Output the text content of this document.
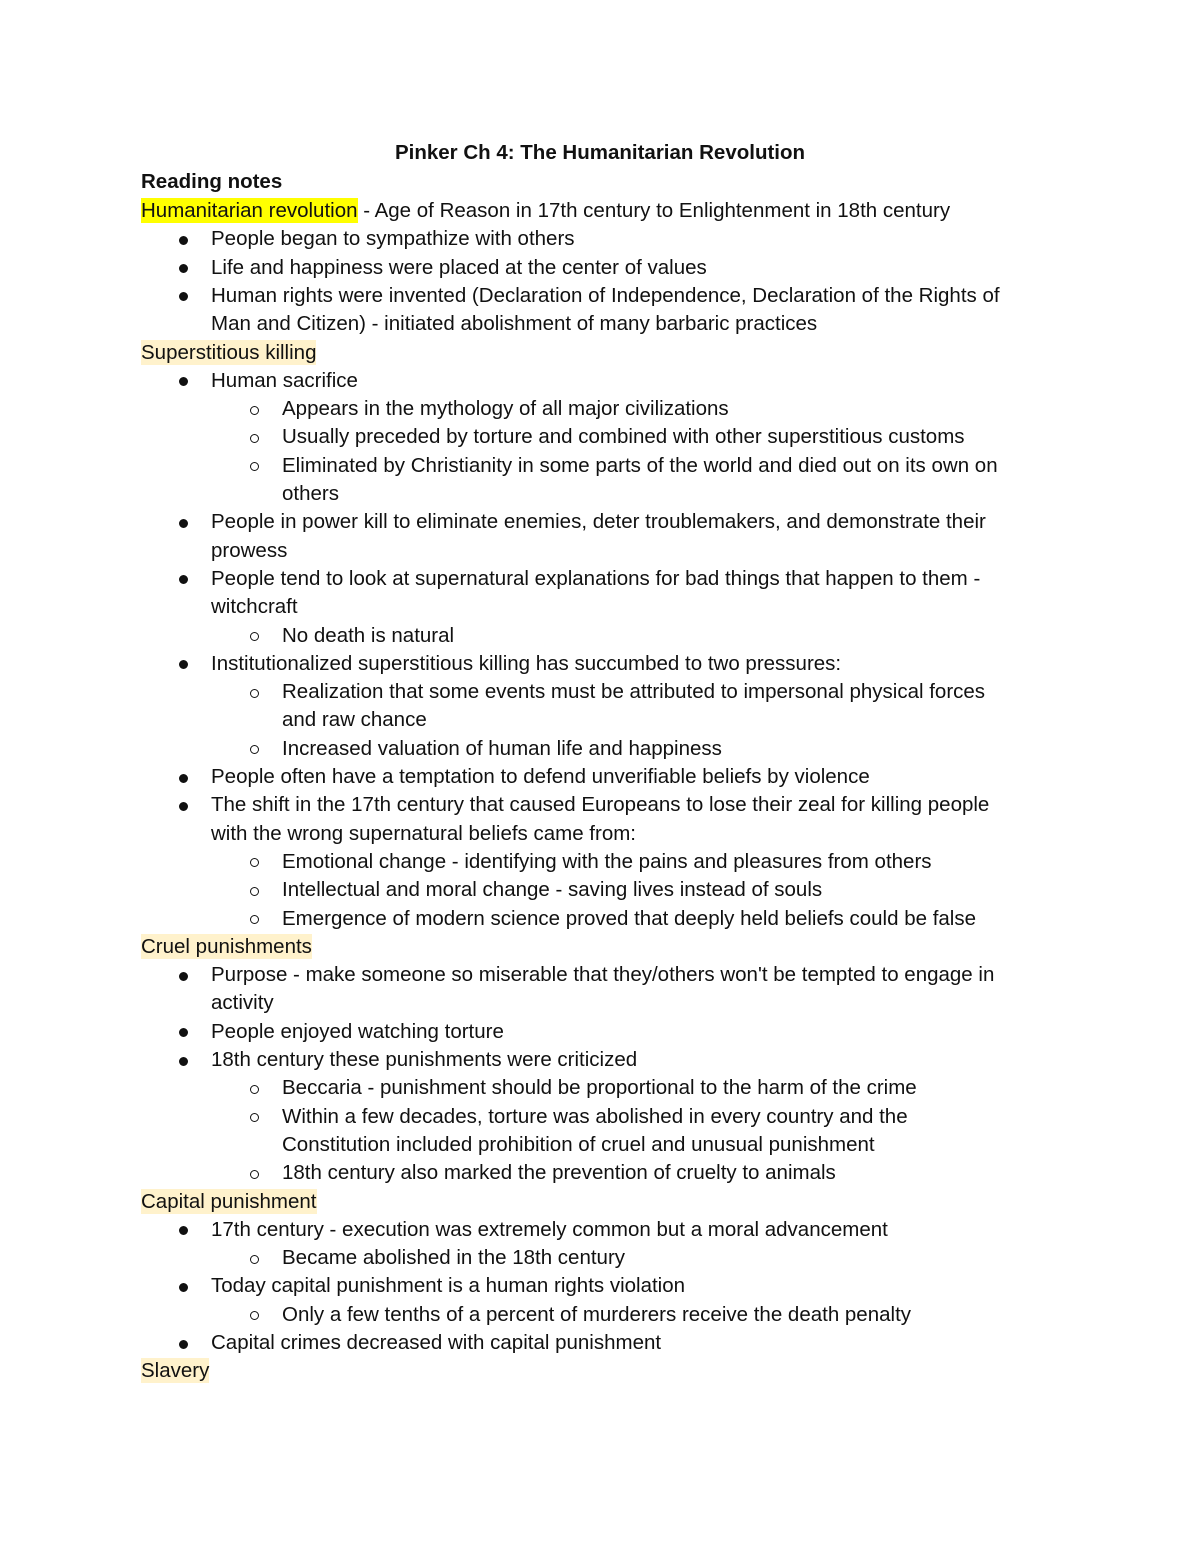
Pinker Ch 4: The Humanitarian Revolution
Reading notes
Humanitarian revolution - Age of Reason in 17th century to Enlightenment in 18th century
People began to sympathize with others
Life and happiness were placed at the center of values
Human rights were invented (Declaration of Independence, Declaration of the Rights of
Man and Citizen) - initiated abolishment of many barbaric practices
Superstitious killing
Human sacrifice
Appears in the mythology of all major civilizations
Usually preceded by torture and combined with other superstitious customs
Eliminated by Christianity in some parts of the world and died out on its own on
others
People in power kill to eliminate enemies, deter troublemakers, and demonstrate their
prowess
People tend to look at supernatural explanations for bad things that happen to them -
witchcraft
No death is natural
Institutionalized superstitious killing has succumbed to two pressures:
Realization that some events must be attributed to impersonal physical forces
and raw chance
Increased valuation of human life and happiness
People often have a temptation to defend unverifiable beliefs by violence
The shift in the 17th century that caused Europeans to lose their zeal for killing people
with the wrong supernatural beliefs came from:
Emotional change - identifying with the pains and pleasures from others
Intellectual and moral change - saving lives instead of souls
Emergence of modern science proved that deeply held beliefs could be false
Cruel punishments
Purpose - make someone so miserable that they/others won't be tempted to engage in
activity
People enjoyed watching torture
18th century these punishments were criticized
Beccaria - punishment should be proportional to the harm of the crime
Within a few decades, torture was abolished in every country and the
Constitution included prohibition of cruel and unusual punishment
18th century also marked the prevention of cruelty to animals
Capital punishment
17th century - execution was extremely common but a moral advancement
Became abolished in the 18th century
Today capital punishment is a human rights violation
Only a few tenths of a percent of murderers receive the death penalty
Capital crimes decreased with capital punishment
Slavery
